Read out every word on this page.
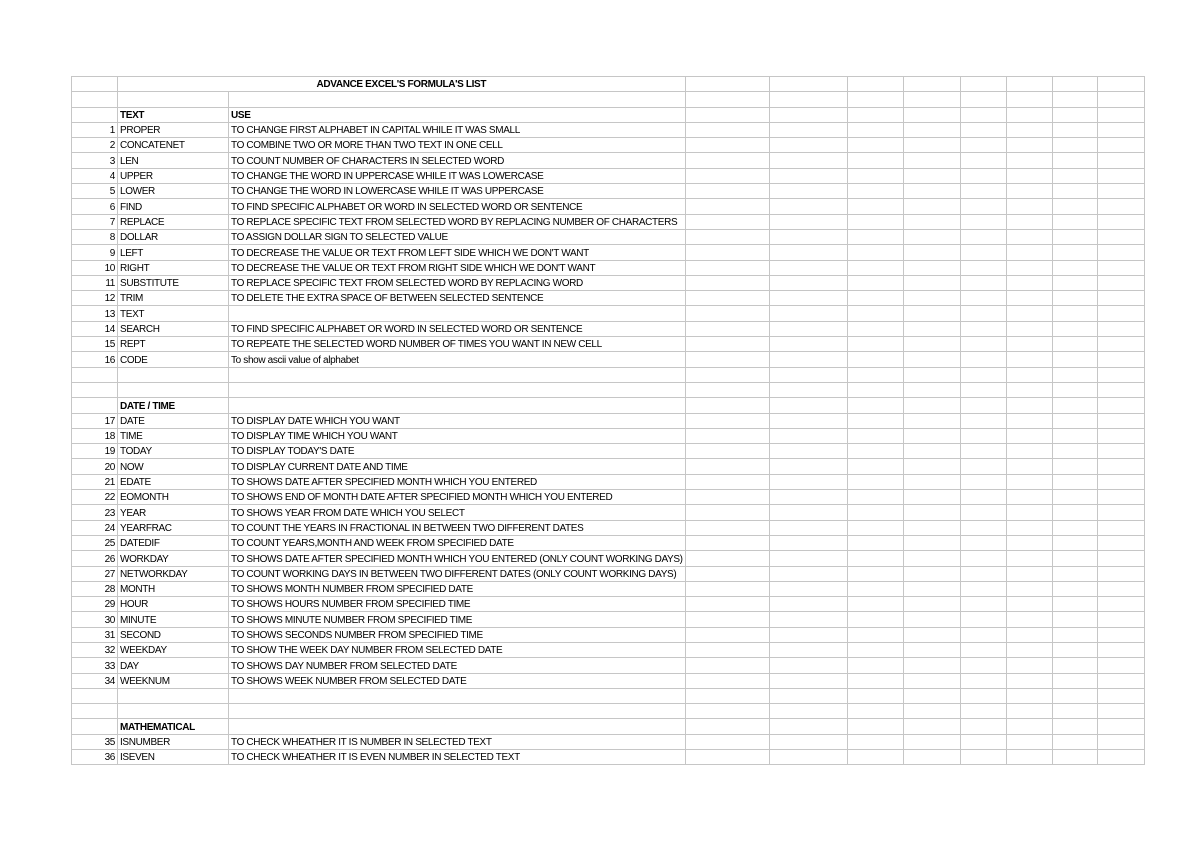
	ADVANCE EXCEL'S FORMULA'S LIST									

	TEXT	USE								
1	PROPER	TO CHANGE FIRST ALPHABET IN CAPITAL WHILE IT WAS SMALL								
2	CONCATENET	TO COMBINE TWO OR MORE THAN TWO TEXT IN ONE CELL								
3	LEN	TO COUNT NUMBER OF CHARACTERS IN SELECTED WORD								
4	UPPER	TO CHANGE THE WORD IN UPPERCASE WHILE IT WAS LOWERCASE								
5	LOWER	TO CHANGE THE WORD IN LOWERCASE WHILE IT WAS UPPERCASE								
6	FIND	TO FIND SPECIFIC ALPHABET OR WORD IN SELECTED WORD OR SENTENCE								
7	REPLACE	TO REPLACE SPECIFIC TEXT FROM SELECTED WORD BY REPLACING NUMBER OF CHARACTERS								
8	DOLLAR	TO ASSIGN DOLLAR SIGN TO SELECTED VALUE								
9	LEFT	TO DECREASE THE VALUE OR TEXT FROM LEFT SIDE WHICH WE DON'T WANT								
10	RIGHT	TO DECREASE THE VALUE OR TEXT FROM RIGHT SIDE WHICH WE DON'T WANT								
11	SUBSTITUTE	TO REPLACE SPECIFIC TEXT FROM SELECTED WORD BY REPLACING WORD								
12	TRIM	TO DELETE THE EXTRA SPACE OF BETWEEN SELECTED SENTENCE								
13	TEXT									
14	SEARCH	TO FIND SPECIFIC ALPHABET OR WORD IN SELECTED WORD OR SENTENCE								
15	REPT	TO REPEATE THE SELECTED WORD NUMBER OF TIMES YOU WANT IN NEW CELL								
16	CODE	To show ascii value of alphabet								

	DATE / TIME									
17	DATE	TO DISPLAY DATE WHICH YOU WANT								
18	TIME	TO DISPLAY TIME WHICH YOU WANT								
19	TODAY	TO DISPLAY TODAY'S DATE								
20	NOW	TO DISPLAY CURRENT DATE AND TIME								
21	EDATE	TO SHOWS DATE AFTER SPECIFIED MONTH WHICH YOU ENTERED								
22	EOMONTH	TO SHOWS END OF MONTH DATE AFTER SPECIFIED MONTH WHICH YOU ENTERED								
23	YEAR	TO SHOWS YEAR FROM DATE WHICH YOU SELECT								
24	YEARFRAC	TO COUNT THE YEARS IN FRACTIONAL IN BETWEEN TWO DIFFERENT DATES								
25	DATEDIF	TO COUNT YEARS,MONTH AND WEEK FROM SPECIFIED DATE								
26	WORKDAY	TO SHOWS DATE AFTER SPECIFIED MONTH WHICH YOU ENTERED (ONLY COUNT WORKING DAYS)								
27	NETWORKDAY	TO COUNT WORKING DAYS IN BETWEEN TWO DIFFERENT DATES (ONLY COUNT WORKING DAYS)								
28	MONTH	TO SHOWS MONTH NUMBER FROM SPECIFIED DATE								
29	HOUR	TO SHOWS HOURS NUMBER FROM SPECIFIED TIME								
30	MINUTE	TO SHOWS MINUTE NUMBER FROM SPECIFIED TIME								
31	SECOND	TO SHOWS SECONDS NUMBER FROM SPECIFIED TIME								
32	WEEKDAY	TO SHOW THE WEEK DAY NUMBER FROM SELECTED DATE								
33	DAY	TO SHOWS DAY NUMBER FROM SELECTED DATE								
34	WEEKNUM	TO SHOWS WEEK NUMBER FROM SELECTED DATE								

	MATHEMATICAL									
35	ISNUMBER	TO CHECK WHEATHER IT IS NUMBER IN SELECTED TEXT								
36	ISEVEN	TO CHECK WHEATHER IT IS EVEN NUMBER IN SELECTED TEXT								
